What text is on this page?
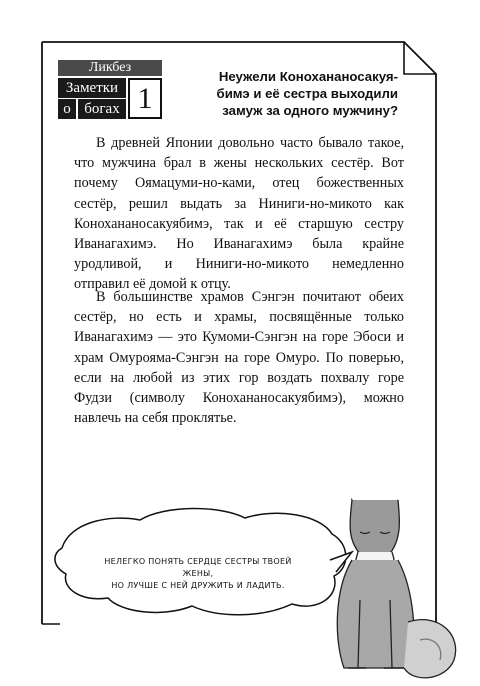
Ликбез
Заметки
о богах 1
Неужели Конохананосакуя-бимэ и её сестра выходили замуж за одного мужчину?

В древней Японии довольно часто бывало такое, что мужчина брал в жены нескольких сестёр. Вот почему Оямацуми-но-ками, отец божественных сестёр, решил выдать за Ниниги-но-микото как Конохананосакуябимэ, так и её старшую сестру Иванагахимэ. Но Иванагахимэ была крайне уродливой, и Ниниги-но-микото немедленно отправил её домой к отцу.

В большинстве храмов Сэнгэн почитают обеих сестёр, но есть и храмы, посвящённые только Иванагахимэ — это Кумоми-Сэнгэн на горе Эбоси и храм Омурояма-Сэнгэн на горе Омуро. По поверью, если на любой из этих гор воздать похвалу горе Фудзи (символу Конохананосакуябимэ), можно навлечь на себя проклятье.

НЕЛЕГКО ПОНЯТЬ СЕРДЦЕ СЕСТРЫ ТВОЕЙ ЖЕНЫ,
НО ЛУЧШЕ С НЕЙ ДРУЖИТЬ И ЛАДИТЬ.
